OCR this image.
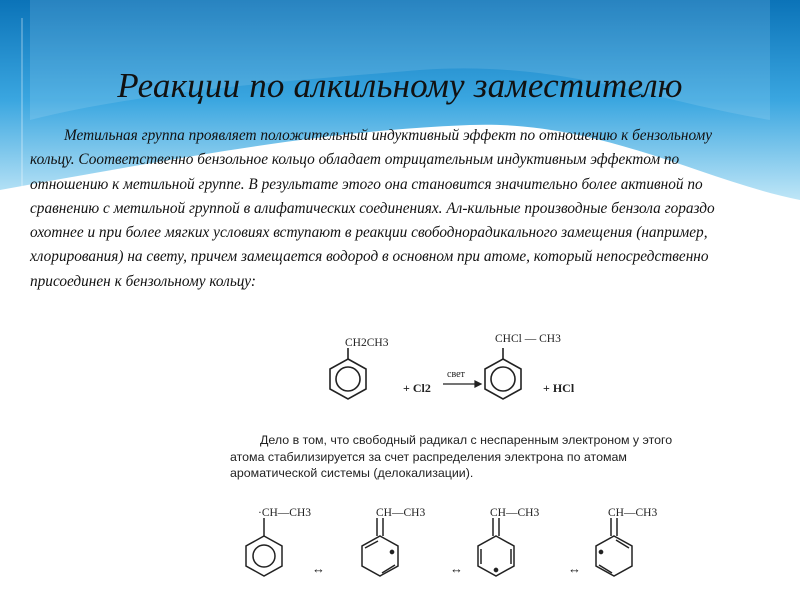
Реакции по алкильному заместителю

Метильная группа проявляет положительный индуктивный эффект по отношению к бензольному кольцу. Соответственно бензольное кольцо обладает отрицательным индуктивным эффектом по отношению к метильной группе. В результате этого она становится значительно более активной по сравнению с метильной группой в алифатических соединениях. Ал-кильные производные бензола гораздо охотнее и при более мягких условиях вступают в реакции свободнорадикального замещения (например, хлорирования) на свету, причем замещается водород в основном при атоме, который непосредственно присоединен к бензольному кольцу:

CH2CH3
+ Cl2
свет
CHCl — CH3
+ HCl

Дело в том, что свободный радикал с неспаренным электроном у этого атома стабилизируется за счет распределения электрона по атомам ароматической системы (делокализации).

·CH—CH3
↔
CH—CH3
↔
CH—CH3
↔
CH—CH3
